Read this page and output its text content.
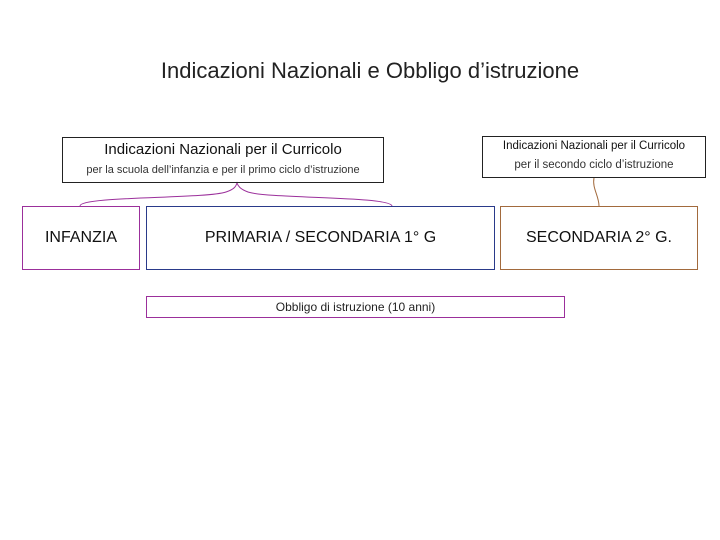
Indicazioni Nazionali e Obbligo d’istruzione
Indicazioni Nazionali per il Curricolo
per la scuola dell’infanzia e per il primo ciclo d’istruzione
Indicazioni Nazionali per il Curricolo
per il secondo ciclo d’istruzione
INFANZIA	PRIMARIA / SECONDARIA 1° G	SECONDARIA 2° G.
Obbligo di istruzione (10 anni)
